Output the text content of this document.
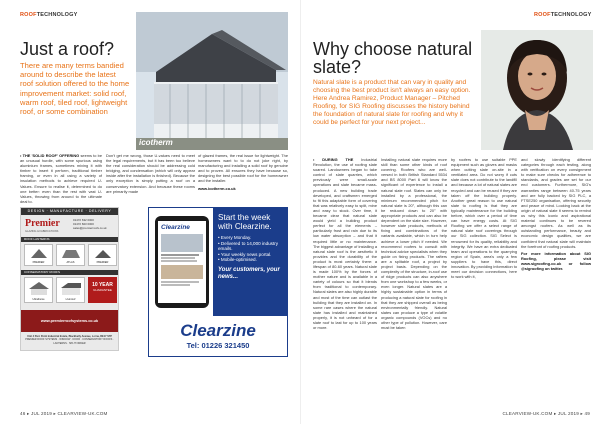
ROOFTECHNOLOGY
Just a roof?
There are many terms bandied around to describe the latest roof solution offered to the home improvement market: solid roof, warm roof, tiled roof, lightweight roof, or some combination
icotherm

• THE 'SOLID ROOF' OFFERING seems to be an unusual hurdle, with some spurious using aluminium frames, sometimes mixing it with timber to insert it perform, traditional timber framing, or even in all using a variety of insulation methods to achieve required U-Values. Ensure to realise it, determined to do one better: even than the rest with vast U-Values, throwing from around to the ultimate deal to.

Don't get me wrong, those U-values need to meet the legal requirements, but it has been too believe the real consideration should be addressing cold bridging, and condensation (which will only appear inside after the installation is finished). Because the only exception is simply putting a roof on a conservatory extension. And because these rooms are primarily made

of glazed frames, the real issue for lightweight. The homeowners want to to do not joke right, by manufacturing and installing a solid roof by genuine and to proven. All ensures they have because so, designing the best possible roof for the homeowner and the installer.

www.icotherm.co.uk

DESIGN · MANUFACTURE · DELIVERY
Premier
GLAZING & FABRICATIONS
01472 632 0000
01472 823 0000
sales@premierroofs.co.uk
ROOF LANTERNS
PREMIER	ATLAS	PREMIER
CONSERVATORY ROOFS
Ultraframe	Livinroof
10 YEAR
GUARANTEE
www.premierroofsystems.co.uk
Unit 4 Parc Point Industrial Estate, Blackbelly Avenue, Lorna, BE17 S7P
PREMIER ROOF SYSTEMS · WINDOW · DOOR · CONSERVATORY ROOFS · LANTERNS · SPLIT ORDER
Clearzine
Start the week with Clearzine.
• Every Monday.
• Delivered to 14,000 industry emails.
• Your weekly news portal.
• Mobile-optimised.
Your customers, your news...
Clearzine
Tel: 01226 321450
46 ▸ JUL 2019 ▸ CLEARVIEW-UK.COM
ROOFTECHNOLOGY
Why choose natural slate?
Natural slate is a product that can vary in quality and choosing the best product isn't always an easy option. Here Andrea Ramirez, Product Manager – Pitched Roofing, for SIG Roofing discusses the history behind the foundation of natural slate for roofing and why it could be perfect for your next project...

• DURING THE Industrial Revolution, the use of roofing slate soared. Landowners began to take control of slate quarries, which previously were small-scale operations and slate became mass-produced. A new building trade developed, and craftsmen emerged to fit this adaptable form of covering that was relatively easy to split, mine and easy to stock. Over time, it became clear that natural slate would yield a building product perfect for all the elements – particularly frost and rain due to its low water absorption – and that it required little or no maintenance. The biggest advantage of installing a natural slate roof is the aesthetic it provides and the durability of the product is most certainly there: a lifespan of 80-60 years. Natural slate is made 100% by the forces of mother nature and is available in a variety of colours so that it blends from traditional to contemporary. Natural slates are also highly durable and most of the time can outlast the building that they are installed on. In some rare cases where the natural slate has installed and maintained properly, it is not unheard of for a slate roof to last for up to 100 years or more.

Installing natural slate requires more skill than some other kinds of roof covering. Roofers who are well-versed in both British Standard 5534 and BS 8000 Part 6 will know the significant of experience to install a natural slate roof. Slates can only be installed by a professional, the minimum recommended pitch for natural slate is 20°, although this can be reduced down to 20° with appropriate products and can also be dependent on the slate size. However, however slate products, methods of fixing and combinations of the variants available, which in turn help achieve a lower pitch if needed. We recommend roofers to consult with technical advice specialists when they guide on fixing products. The rafters are a splitable roof, a project by project basis. Depending on the complexity of the structure, in-roof use of ridge products can also anywhere from one workshop to a few weeks, or even longer. Natural slates are a highly sustainable option in terms of producing a natural slate for roofing in that they are shipped overall as being environmentally friendly. Natural slates can produce a type of volatile organic compounds (VOCs) and no other type of pollution. However, care must be taken

by roofers to use suitable PPE equipment such as gloves and masks when cutting slate on-site in a ventilated area. Do not worry if cuts slate does not contribute to the landfill and because a lot of natural slates are recycled and can be reused if they are taken off the building properly. Another great reason to use natural slate to roofing is that they are typically maintenance for the building before, which over a period of time can have energy costs. At SIG Roofing we offer a select range of natural slate roof coverings through our SIG collection. SIG Select is renowned for its quality, reliability and integrity. We have an extra dedicated team and operations to the quarrying region of Spain, area's only a few suppliers to have this, direct innovation. By providing information to meet our decision connections, here to work with it,

and slowly identifying different categories through each testing, along with verification on every consignment to make sure checks for adherence to standards, and grades are set for our end customers. Furthermore, SIG's warranties range between 40-75 years and are fully backed by SIG PLC, a FTSE250 organisation, offering security and peace of mind. Looking back at the origin of natural slate it seems to remind us why this iconic and aspirational material continues to be revered amongst roofers. As well as its outstanding performance, beauty and economic design qualities, we are confident that natural slate will maintain the forefront of roofing products.

For more information about SIG Roofing, please visit www.sigroofing.co.uk or follow @sigroofing on twitter.

CLEARVIEW-UK.COM ▸ JUL 2019 ▸ 49
